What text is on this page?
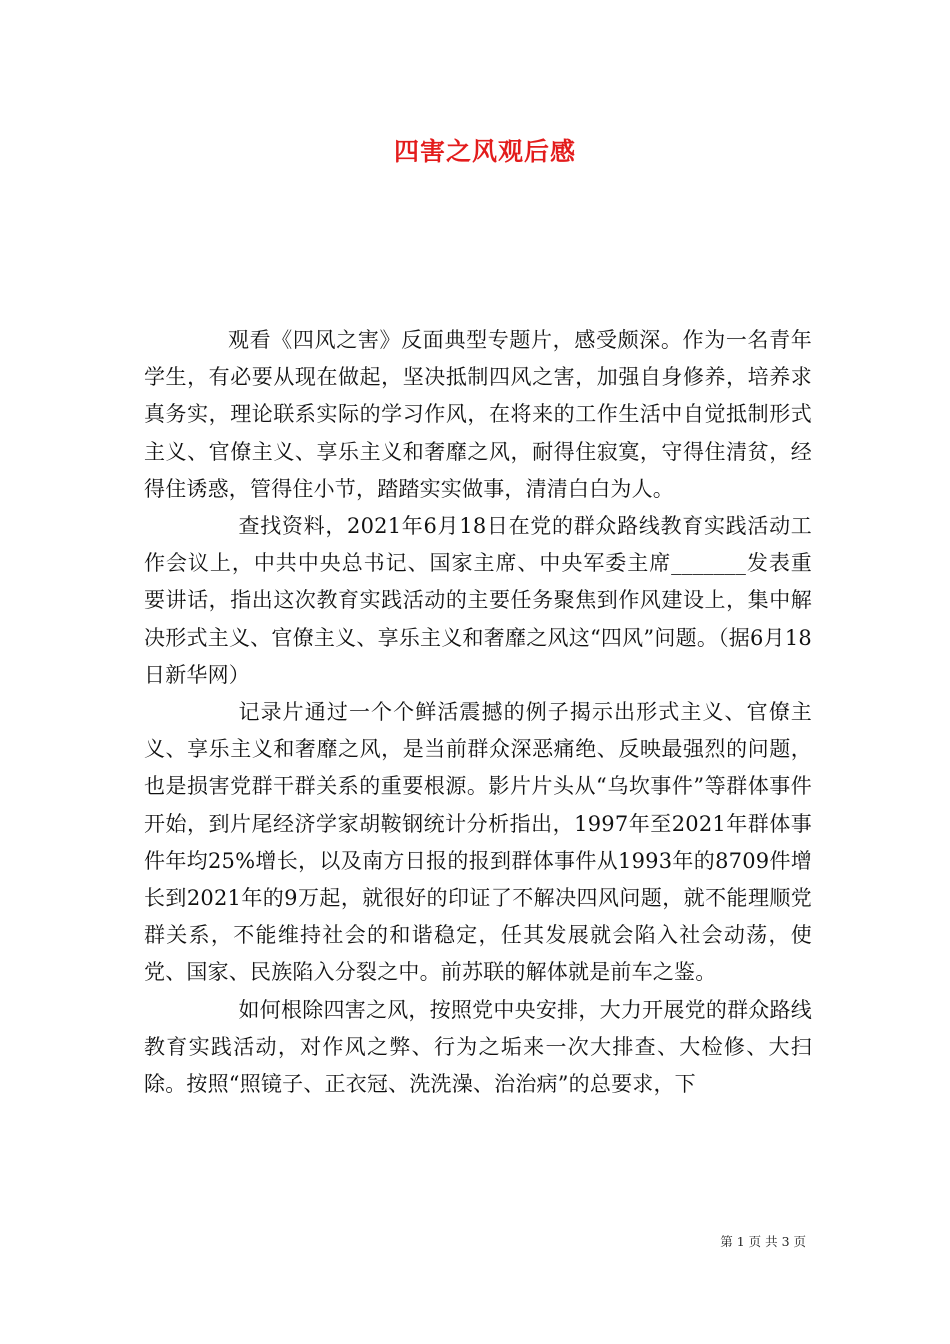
四害之风观后感

观看《四风之害》反面典型专题片，感受颇深。作为一名青年学生，有必要从现在做起，坚决抵制四风之害，加强自身修养，培养求真务实，理论联系实际的学习作风，在将来的工作生活中自觉抵制形式主义、官僚主义、享乐主义和奢靡之风，耐得住寂寞，守得住清贫，经得住诱惑，管得住小节，踏踏实实做事，清清白白为人。

查找资料，2021年6月18日在党的群众路线教育实践活动工作会议上，中共中央总书记、国家主席、中央军委主席_______发表重要讲话，指出这次教育实践活动的主要任务聚焦到作风建设上，集中解决形式主义、官僚主义、享乐主义和奢靡之风这“四风”问题。（据6月18日新华网）

记录片通过一个个鲜活震撼的例子揭示出形式主义、官僚主义、享乐主义和奢靡之风，是当前群众深恶痛绝、反映最强烈的问题，也是损害党群干群关系的重要根源。影片片头从“乌坎事件”等群体事件开始，到片尾经济学家胡鞍钢统计分析指出，1997年至2021年群体事件年均25%增长，以及南方日报的报到群体事件从1993年的8709件增长到2021年的9万起，就很好的印证了不解决四风问题，就不能理顺党群关系，不能维持社会的和谐稳定，任其发展就会陷入社会动荡，使党、国家、民族陷入分裂之中。前苏联的解体就是前车之鉴。

如何根除四害之风，按照党中央安排，大力开展党的群众路线教育实践活动，对作风之弊、行为之垢来一次大排查、大检修、大扫除。按照“照镜子、正衣冠、洗洗澡、治治病”的总要求，下

第 1 页 共 3 页
